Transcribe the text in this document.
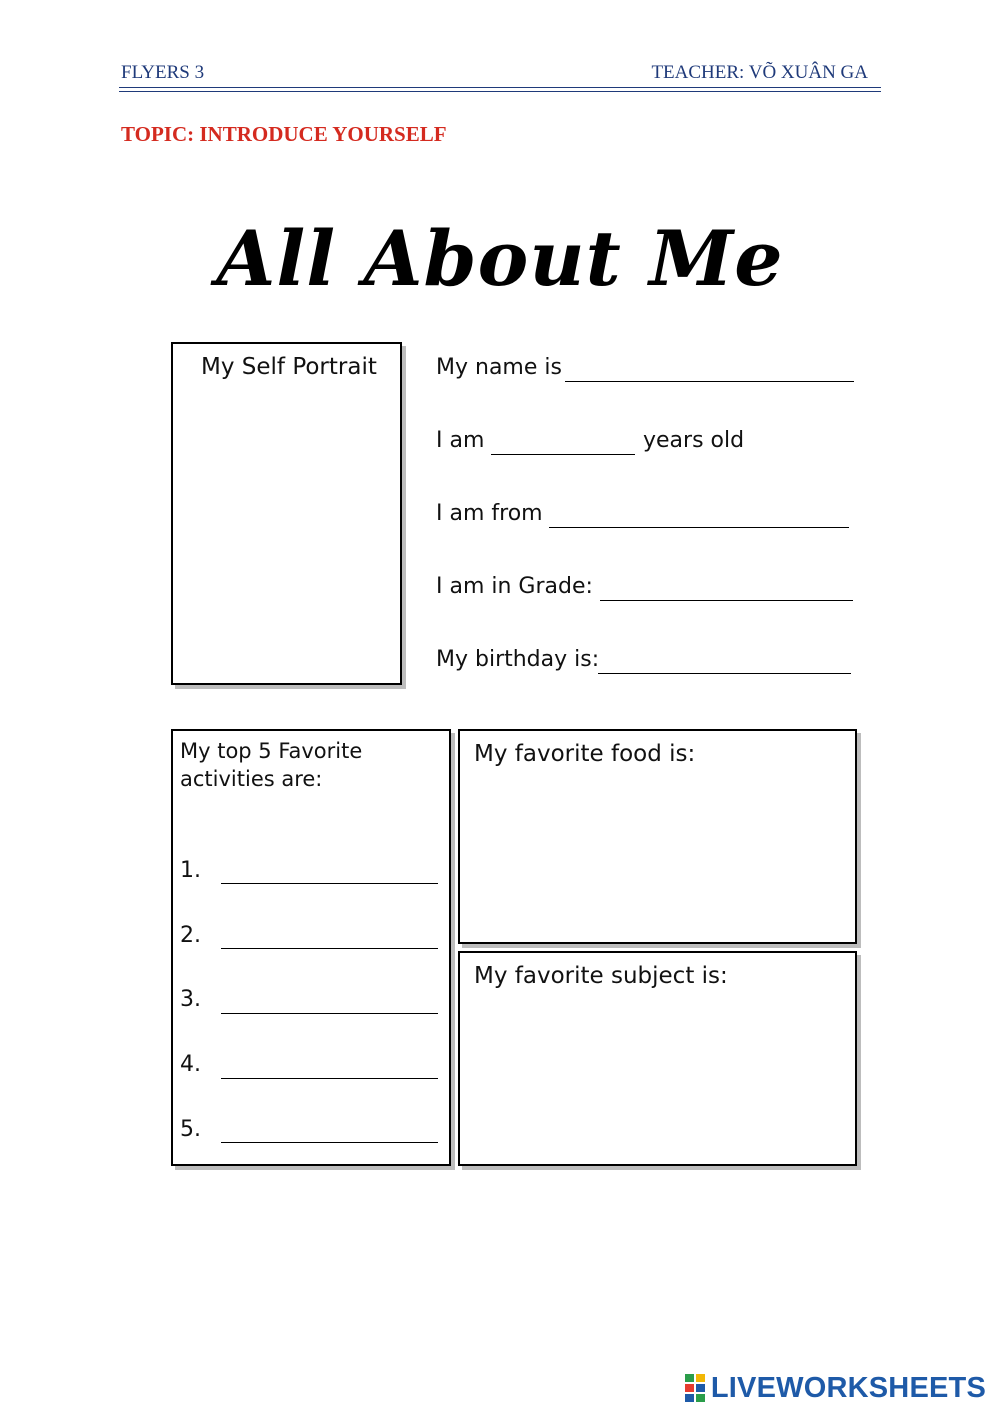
FLYERS 3	TEACHER: VÕ XUÂN GA
TOPIC: INTRODUCE YOURSELF
All About Me
My Self Portrait	My name is
I am	years old
I am from
I am in Grade:
My birthday is:
My top 5 Favorite
activities are:
1.
2.
3.
4.
5.
My favorite food is:
My favorite subject is:
LIVEWORKSHEETS
